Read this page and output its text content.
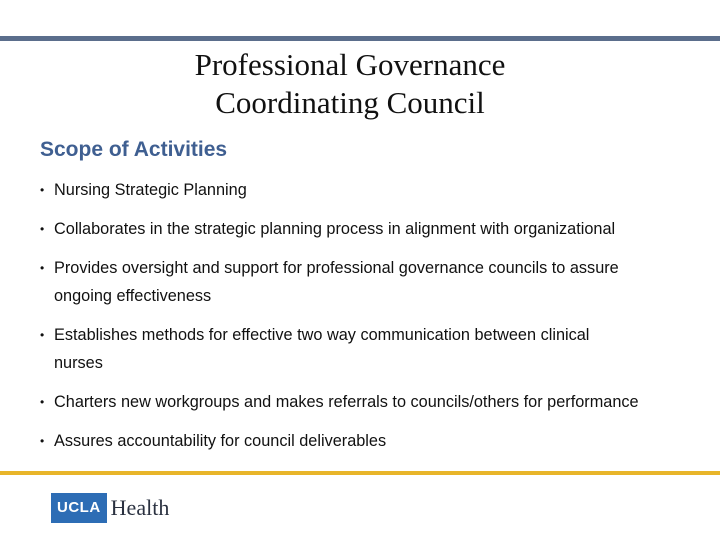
Professional Governance
Coordinating Council
Scope of Activities
• Nursing Strategic Planning
• Collaborates in the strategic planning process in alignment with organizational
• Provides oversight and support for professional governance councils to assure
ongoing effectiveness
• Establishes methods for effective two way communication between clinical
nurses
• Charters new workgroups and makes referrals to councils/others for performance
• Assures accountability for council deliverables
UCLA Health
